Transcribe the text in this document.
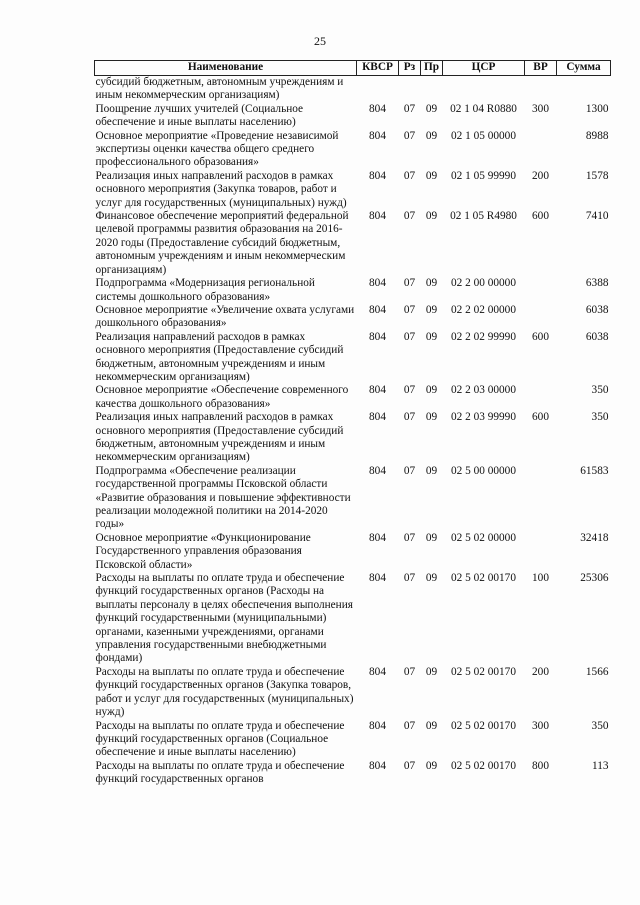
25
Наименование	КВСР	Рз	Пр	ЦСР	ВР	Сумма
субсидий бюджетным, автономным учреждениям и иным некоммерческим организациям)						
Поощрение лучших учителей (Социальное обеспечение и иные выплаты населению)	804	07	09	02 1 04 R0880	300	1300
Основное мероприятие «Проведение независимой экспертизы оценки качества общего среднего профессионального образования»	804	07	09	02 1 05 00000		8988
Реализация иных направлений расходов в рамках основного мероприятия (Закупка товаров, работ и услуг для государственных (муниципальных) нужд)	804	07	09	02 1 05 99990	200	1578
Финансовое обеспечение мероприятий федеральной целевой программы развития образования на 2016-2020 годы (Предоставление субсидий бюджетным, автономным учреждениям и иным некоммерческим организациям)	804	07	09	02 1 05 R4980	600	7410
Подпрограмма «Модернизация региональной системы дошкольного образования»	804	07	09	02 2 00 00000		6388
Основное мероприятие «Увеличение охвата услугами дошкольного образования»	804	07	09	02 2 02 00000		6038
Реализация направлений расходов в рамках основного мероприятия (Предоставление субсидий бюджетным, автономным учреждениям и иным некоммерческим организациям)	804	07	09	02 2 02 99990	600	6038
Основное мероприятие «Обеспечение современного качества дошкольного образования»	804	07	09	02 2 03 00000		350
Реализация иных направлений расходов в рамках основного мероприятия (Предоставление субсидий бюджетным, автономным учреждениям и иным некоммерческим организациям)	804	07	09	02 2 03 99990	600	350
Подпрограмма «Обеспечение реализации государственной программы Псковской области «Развитие образования и повышение эффективности реализации молодежной политики на 2014-2020 годы»	804	07	09	02 5 00 00000		61583
Основное мероприятие «Функционирование Государственного управления образования Псковской области»	804	07	09	02 5 02 00000		32418
Расходы на выплаты по оплате труда и обеспечение функций государственных органов (Расходы на выплаты персоналу в целях обеспечения выполнения функций государственными (муниципальными) органами, казенными учреждениями, органами управления государственными внебюджетными фондами)	804	07	09	02 5 02 00170	100	25306
Расходы на выплаты по оплате труда и обеспечение функций государственных органов (Закупка товаров, работ и услуг для государственных (муниципальных) нужд)	804	07	09	02 5 02 00170	200	1566
Расходы на выплаты по оплате труда и обеспечение функций государственных органов (Социальное обеспечение и иные выплаты населению)	804	07	09	02 5 02 00170	300	350
Расходы на выплаты по оплате труда и обеспечение функций государственных органов	804	07	09	02 5 02 00170	800	113
